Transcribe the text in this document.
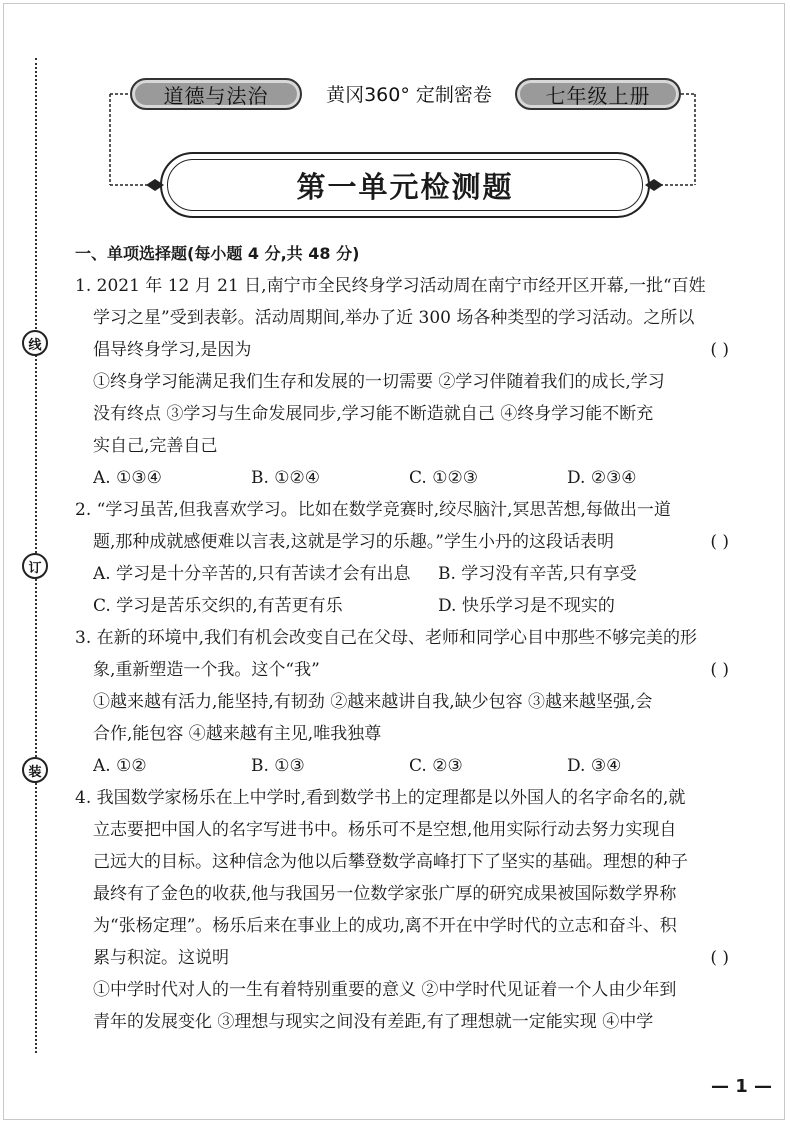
线
订
装
道德与法治	黄冈360° 定制密卷	七年级上册
第一单元检测题
一、单项选择题(每小题 4 分,共 48 分)
1. 2021 年 12 月 21 日,南宁市全民终身学习活动周在南宁市经开区开幕,一批“百姓
学习之星”受到表彰。活动周期间,举办了近 300 场各种类型的学习活动。之所以
倡导终身学习,是因为	( )
①终身学习能满足我们生存和发展的一切需要 ②学习伴随着我们的成长,学习
没有终点 ③学习与生命发展同步,学习能不断造就自己 ④终身学习能不断充
实自己,完善自己
A. ①③④	B. ①②④	C. ①②③	D. ②③④
2. “学习虽苦,但我喜欢学习。比如在数学竞赛时,绞尽脑汁,冥思苦想,每做出一道
题,那种成就感便难以言表,这就是学习的乐趣。”学生小丹的这段话表明	( )
A. 学习是十分辛苦的,只有苦读才会有出息	B. 学习没有辛苦,只有享受
C. 学习是苦乐交织的,有苦更有乐	D. 快乐学习是不现实的
3. 在新的环境中,我们有机会改变自己在父母、老师和同学心目中那些不够完美的形
象,重新塑造一个我。这个“我”	( )
①越来越有活力,能坚持,有韧劲 ②越来越讲自我,缺少包容 ③越来越坚强,会
合作,能包容 ④越来越有主见,唯我独尊
A. ①②	B. ①③	C. ②③	D. ③④
4. 我国数学家杨乐在上中学时,看到数学书上的定理都是以外国人的名字命名的,就
立志要把中国人的名字写进书中。杨乐可不是空想,他用实际行动去努力实现自
己远大的目标。这种信念为他以后攀登数学高峰打下了坚实的基础。理想的种子
最终有了金色的收获,他与我国另一位数学家张广厚的研究成果被国际数学界称
为“张杨定理”。杨乐后来在事业上的成功,离不开在中学时代的立志和奋斗、积
累与积淀。这说明	( )
①中学时代对人的一生有着特别重要的意义 ②中学时代见证着一个人由少年到
青年的发展变化 ③理想与现实之间没有差距,有了理想就一定能实现 ④中学
— 1 —
